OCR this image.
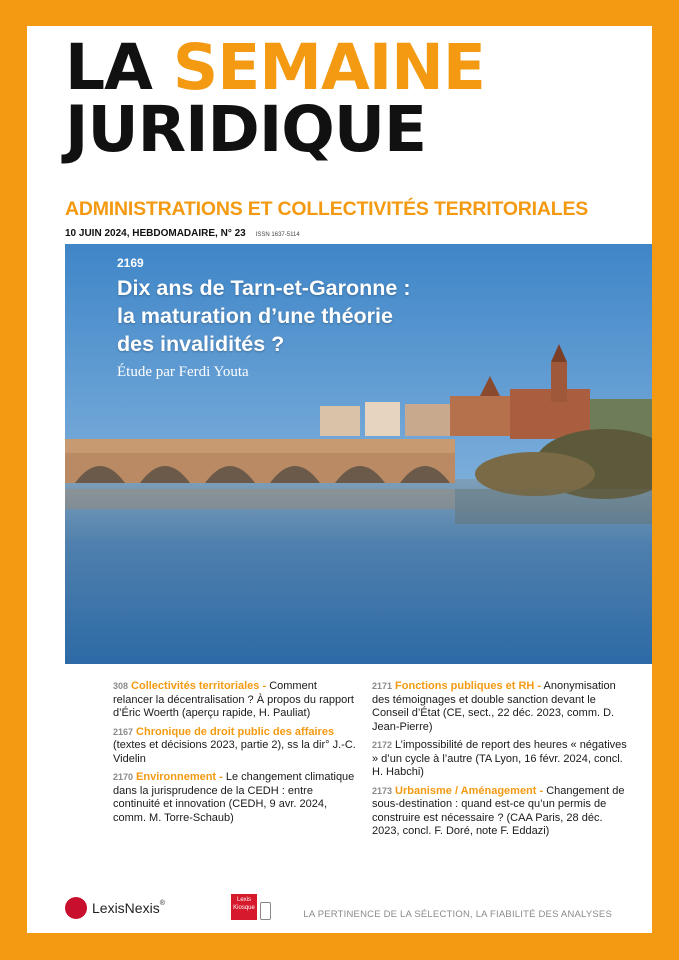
LA SEMAINE
JURIDIQUE
ADMINISTRATIONS ET COLLECTIVITÉS TERRITORIALES
10 JUIN 2024, HEBDOMADAIRE, N° 23 ISSN 1637-5114
2169
Dix ans de Tarn-et-Garonne :
la maturation d’une théorie
des invalidités ?
Étude par Ferdi Youta
308 Collectivités territoriales - Comment relancer la décentralisation ? À propos du rapport d’Éric Woerth (aperçu rapide, H. Pauliat)
2167 Chronique de droit public des affaires (textes et décisions 2023, partie 2), ss la dir° J.-C. Videlin
2170 Environnement - Le changement climatique dans la jurisprudence de la CEDH : entre continuité et innovation (CEDH, 9 avr. 2024, comm. M. Torre-Schaub)
2171 Fonctions publiques et RH - Anonymisation des témoignages et double sanction devant le Conseil d’État (CE, sect., 22 déc. 2023, comm. D. Jean-Pierre)
2172 L’impossibilité de report des heures « négatives » d’un cycle à l’autre (TA Lyon, 16 févr. 2024, concl. H. Habchi)
2173 Urbanisme / Aménagement - Changement de sous-destination : quand est-ce qu’un permis de construire est nécessaire ? (CAA Paris, 28 déc. 2023, concl. F. Doré, note F. Eddazi)
LexisNexis®	Lexis
Kiosque
LA PERTINENCE DE LA SÉLECTION, LA FIABILITÉ DES ANALYSES
